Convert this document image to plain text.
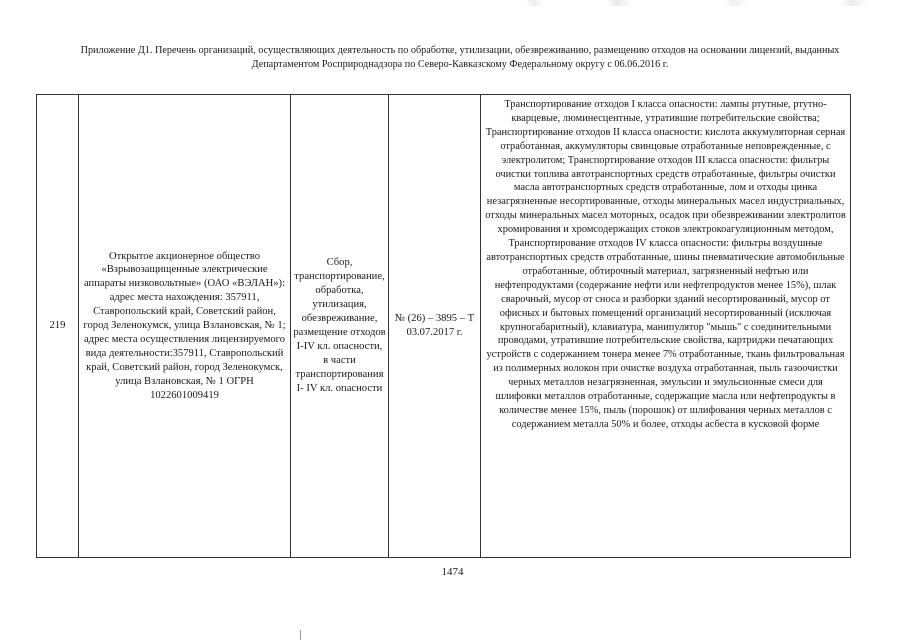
Приложение Д1. Перечень организаций, осуществляющих деятельность по обработке, утилизации, обезвреживанию, размещению отходов на основании лицензий, выданных Департаментом Росприроднадзора по Северо-Кавказскому Федеральному округу с 06.06.2016 г.
219	Открытое акционерное общество «Взрывозащищенные электрические аппараты низковольтные» (ОАО «ВЭЛАН»): адрес места нахождения: 357911, Ставропольский край, Советский район, город Зеленокумск, улица Взлановская, № 1; адрес места осуществления лицензируемого вида деятельности:357911, Ставропольский край, Советский район, город Зеленокумск, улица Взлановская, № 1 ОГРН 1022601009419	Сбор, транспортирование, обработка, утилизация, обезвреживание, размещение отходов I-IV кл. опасности, в части транспортирования I- IV кл. опасности	№ (26) – 3895 – Т 03.07.2017 г.	Транспортирование отходов I класса опасности: лампы ртутные, ртутно-кварцевые, люминесцентные, утратившие потребительские свойства; Транспортирование отходов II класса опасности: кислота аккумуляторная серная отработанная, аккумуляторы свинцовые отработанные неповрежденные, с электролитом; Транспортирование отходов III класса опасности: фильтры очистки топлива автотранспортных средств отработанные, фильтры очистки масла автотранспортных средств отработанные, лом и отходы цинка незагрязненные несортированные, отходы минеральных масел индустриальных, отходы минеральных масел моторных, осадок при обезвреживании электролитов хромирования и хромсодержащих стоков электрокоагуляционным методом, Транспортирование отходов IV класса опасности: фильтры воздушные автотранспортных средств отработанные, шины пневматические автомобильные отработанные, обтирочный материал, загрязненный нефтью или нефтепродуктами (содержание нефти или нефтепродуктов менее 15%), шлак сварочный, мусор от сноса и разборки зданий несортированный, мусор от офисных и бытовых помещений организаций несортированный (исключая крупногабаритный), клавиатура, манипулятор "мышь" с соединительными проводами, утратившие потребительские свойства, картриджи печатающих устройств с содержанием тонера менее 7% отработанные, ткань фильтровальная из полимерных волокон при очистке воздуха отработанная, пыль газоочистки черных металлов незагрязненная, эмульсии и эмульсионные смеси для шлифовки металлов отработанные, содержащие масла или нефтепродукты в количестве менее 15%, пыль (порошок) от шлифования черных металлов с содержанием металла 50% и более, отходы асбеста в кусковой форме
1474
